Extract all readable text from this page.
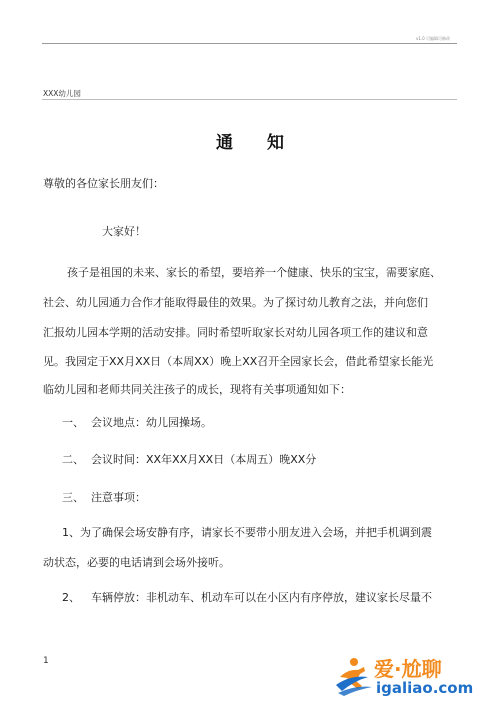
v1.0 可编辑可修改
XXX幼儿园
通 知
尊敬的各位家长朋友们：
大家好！
孩子是祖国的未来、家长的希望，要培养一个健康、快乐的宝宝，需要家庭、
社会、幼儿园通力合作才能取得最佳的效果。为了探讨幼儿教育之法，并向您们
汇报幼儿园本学期的活动安排。同时希望听取家长对幼儿园各项工作的建议和意
见。我园定于XX月XX日（本周XX）晚上XX召开全园家长会，借此希望家长能光
临幼儿园和老师共同关注孩子的成长，现将有关事项通知如下：
一、 会议地点：幼儿园操场。
二、 会议时间：XX年XX月XX日（本周五）晚XX分
三、 注意事项：
1、为了确保会场安静有序，请家长不要带小朋友进入会场，并把手机调到震
动状态，必要的电话请到会场外接听。
2、 车辆停放：非机动车、机动车可以在小区内有序停放，建议家长尽量不
1	爱·尬聊
igaliao.com
